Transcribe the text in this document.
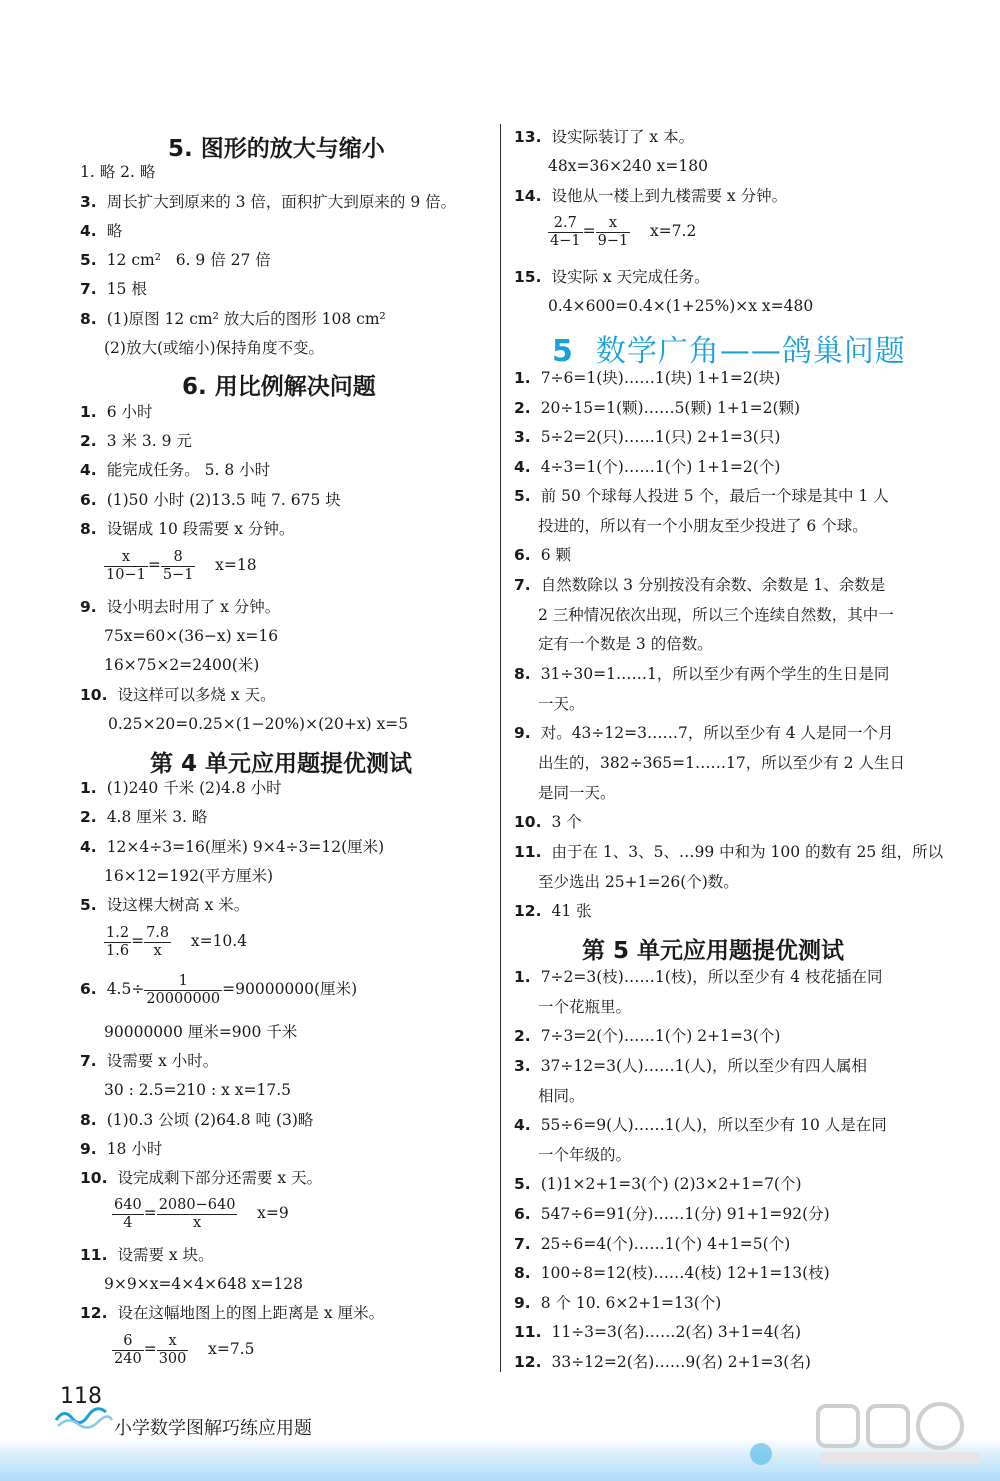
5. 图形的放大与缩小
1. 略 2. 略
3. 周长扩大到原来的 3 倍，面积扩大到原来的 9 倍。
4. 略
5. 12 cm² 6. 9 倍 27 倍
7. 15 根
8. (1)原图 12 cm² 放大后的图形 108 cm²
(2)放大(或缩小)保持角度不变。
6. 用比例解决问题
1. 6 小时
2. 3 米 3. 9 元
4. 能完成任务。 5. 8 小时
6. (1)50 小时 (2)13.5 吨 7. 675 块
8. 设锯成 10 段需要 x 分钟。
$\frac{x}{10-1} = \frac{8}{5-1} x=18$
9. 设小明去时用了 x 分钟。
75x=60×(36−x) x=16
16×75×2=2400(米)
10. 设这样可以多烧 x 天。
0.25×20=0.25×(1−20%)×(20+x) x=5
第 4 单元应用题提优测试
1. (1)240 千米 (2)4.8 小时
2. 4.8 厘米 3. 略
4. 12×4÷3=16(厘米) 9×4÷3=12(厘米)
16×12=192(平方厘米)
5. 设这棵大树高 x 米。
$\frac{1.2}{1.6} = \frac{7.8}{x} x=10.4$
6. $4.5\div \frac{1}{20000000} =90000000$(厘米)
90000000 厘米=900 千米
7. 设需要 x 小时。
30 : 2.5=210 : x x=17.5
8. (1)0.3 公顷 (2)64.8 吨 (3)略
9. 18 小时
10. 设完成剩下部分还需要 x 天。
$\frac{640}{4} = \frac{2080-640}{x} x=9$
11. 设需要 x 块。
9×9×x=4×4×648 x=128
12. 设在这幅地图上的图上距离是 x 厘米。
$\frac{6}{240} = \frac{x}{300} x=7.5$
13. 设实际装订了 x 本。
48x=36×240 x=180
14. 设他从一楼上到九楼需要 x 分钟。
$\frac{2.7}{4-1} = \frac{x}{9-1} x=7.2$
15. 设实际 x 天完成任务。
0.4×600=0.4×(1+25%)×x x=480
5 数学广角——鸽巢问题
1. 7÷6=1(块)……1(块) 1+1=2(块)
2. 20÷15=1(颗)……5(颗) 1+1=2(颗)
3. 5÷2=2(只)……1(只) 2+1=3(只)
4. 4÷3=1(个)……1(个) 1+1=2(个)
5. 前 50 个球每人投进 5 个，最后一个球是其中 1 人
投进的，所以有一个小朋友至少投进了 6 个球。
6. 6 颗
7. 自然数除以 3 分别按没有余数、余数是 1、余数是
2 三种情况依次出现，所以三个连续自然数，其中一
定有一个数是 3 的倍数。
8. 31÷30=1……1，所以至少有两个学生的生日是同
一天。
9. 对。43÷12=3……7，所以至少有 4 人是同一个月
出生的，382÷365=1……17，所以至少有 2 人生日
是同一天。
10. 3 个
11. 由于在 1、3、5、…99 中和为 100 的数有 25 组，所以
至少选出 25+1=26(个)数。
12. 41 张
第 5 单元应用题提优测试
1. 7÷2=3(枝)……1(枝)，所以至少有 4 枝花插在同
一个花瓶里。
2. 7÷3=2(个)……1(个) 2+1=3(个)
3. 37÷12=3(人)……1(人)，所以至少有四人属相
相同。
4. 55÷6=9(人)……1(人)，所以至少有 10 人是在同
一个年级的。
5. (1)1×2+1=3(个) (2)3×2+1=7(个)
6. 547÷6=91(分)……1(分) 91+1=92(分)
7. 25÷6=4(个)……1(个) 4+1=5(个)
8. 100÷8=12(枝)……4(枝) 12+1=13(枝)
9. 8 个 10. 6×2+1=13(个)
11. 11÷3=3(名)……2(名) 3+1=4(名)
12. 33÷12=2(名)……9(名) 2+1=3(名)
118
小学数学图解巧练应用题
